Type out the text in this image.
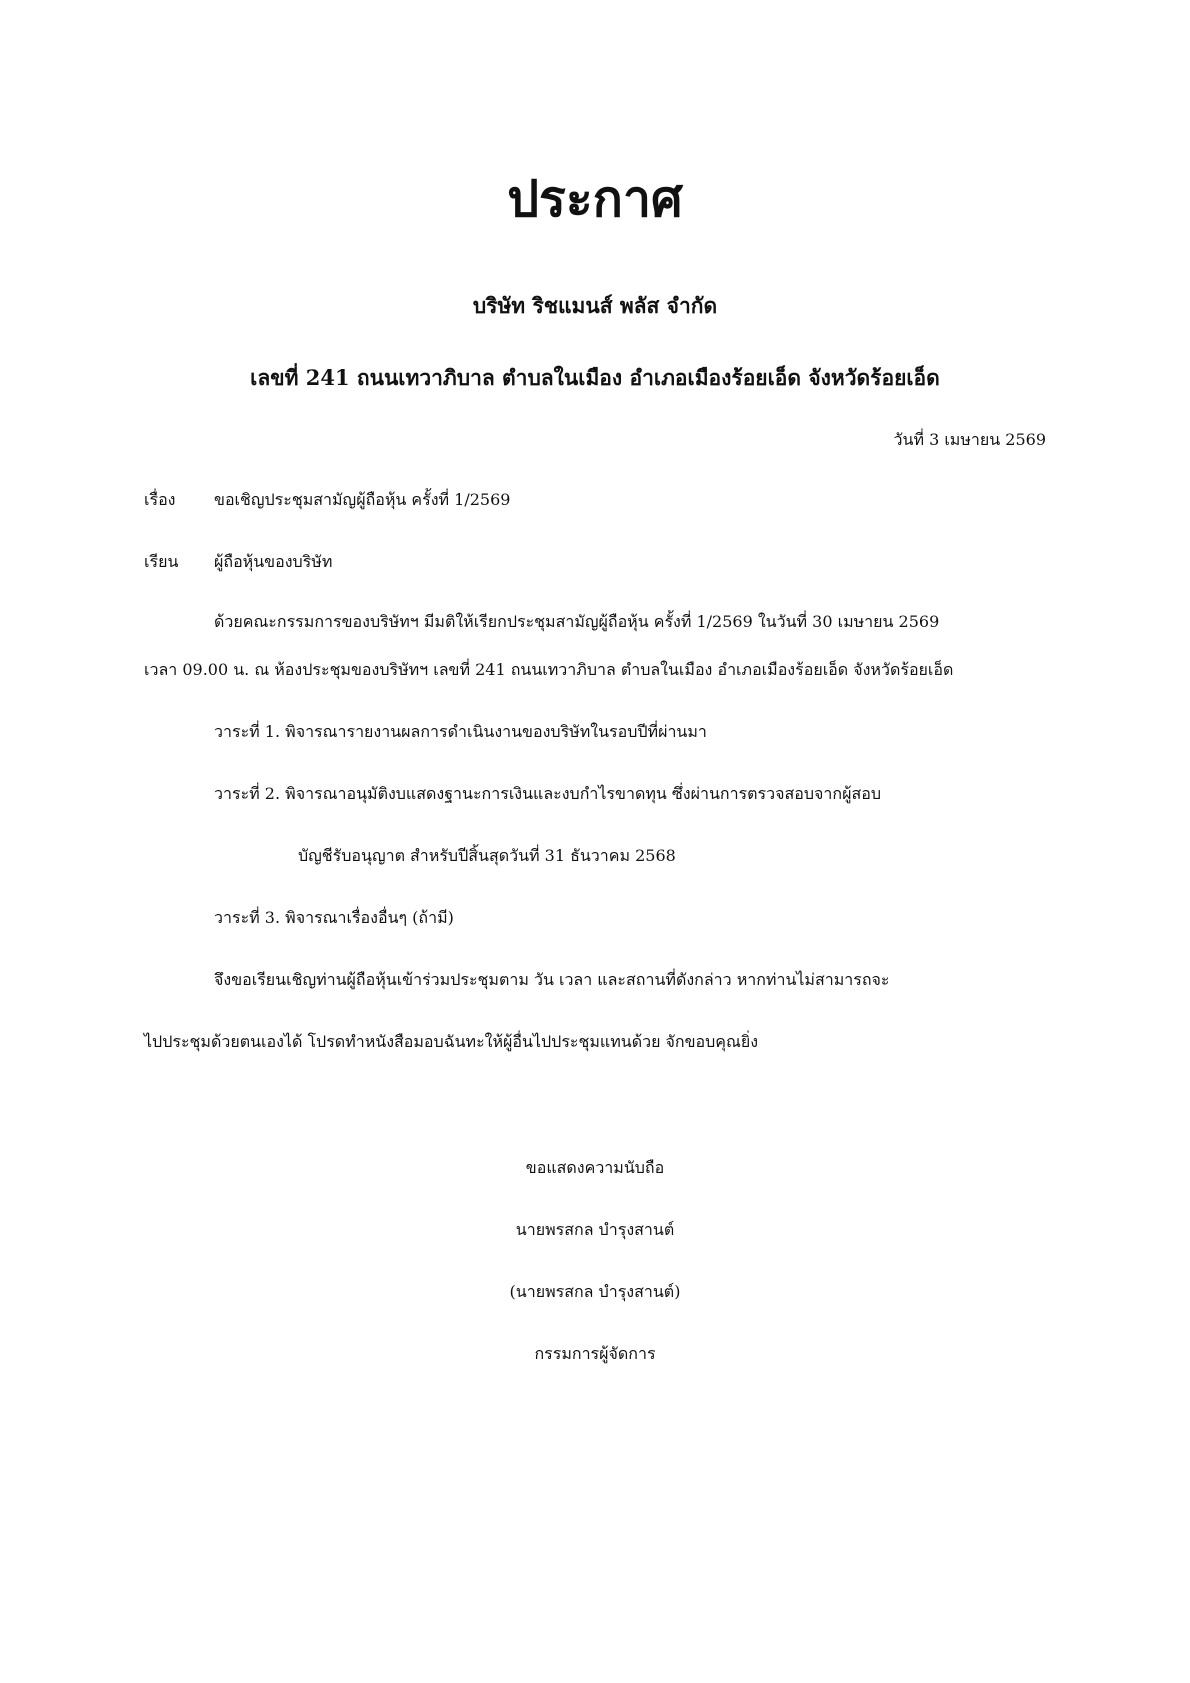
ประกาศ
บริษัท ริชแมนส์ พลัส จำกัด
เลขที่ 241 ถนนเทวาภิบาล ตำบลในเมือง อำเภอเมืองร้อยเอ็ด จังหวัดร้อยเอ็ด
วันที่ 3 เมษายน 2569
เรื่อง ขอเชิญประชุมสามัญผู้ถือหุ้น ครั้งที่ 1/2569
เรียน ผู้ถือหุ้นของบริษัท
ด้วยคณะกรรมการของบริษัทฯ มีมติให้เรียกประชุมสามัญผู้ถือหุ้น ครั้งที่ 1/2569 ในวันที่ 30 เมษายน 2569
เวลา 09.00 น. ณ ห้องประชุมของบริษัทฯ เลขที่ 241 ถนนเทวาภิบาล ตำบลในเมือง อำเภอเมืองร้อยเอ็ด จังหวัดร้อยเอ็ด
วาระที่ 1. พิจารณารายงานผลการดำเนินงานของบริษัทในรอบปีที่ผ่านมา
วาระที่ 2. พิจารณาอนุมัติงบแสดงฐานะการเงินและงบกำไรขาดทุน ซึ่งผ่านการตรวจสอบจากผู้สอบ
บัญชีรับอนุญาต สำหรับปีสิ้นสุดวันที่ 31 ธันวาคม 2568
วาระที่ 3. พิจารณาเรื่องอื่นๆ (ถ้ามี)
จึงขอเรียนเชิญท่านผู้ถือหุ้นเข้าร่วมประชุมตาม วัน เวลา และสถานที่ดังกล่าว หากท่านไม่สามารถจะ
ไปประชุมด้วยตนเองได้ โปรดทำหนังสือมอบฉันทะให้ผู้อื่นไปประชุมแทนด้วย จักขอบคุณยิ่ง
ขอแสดงความนับถือ
นายพรสกล บำรุงสานต์
(นายพรสกล บำรุงสานต์)
กรรมการผู้จัดการ
